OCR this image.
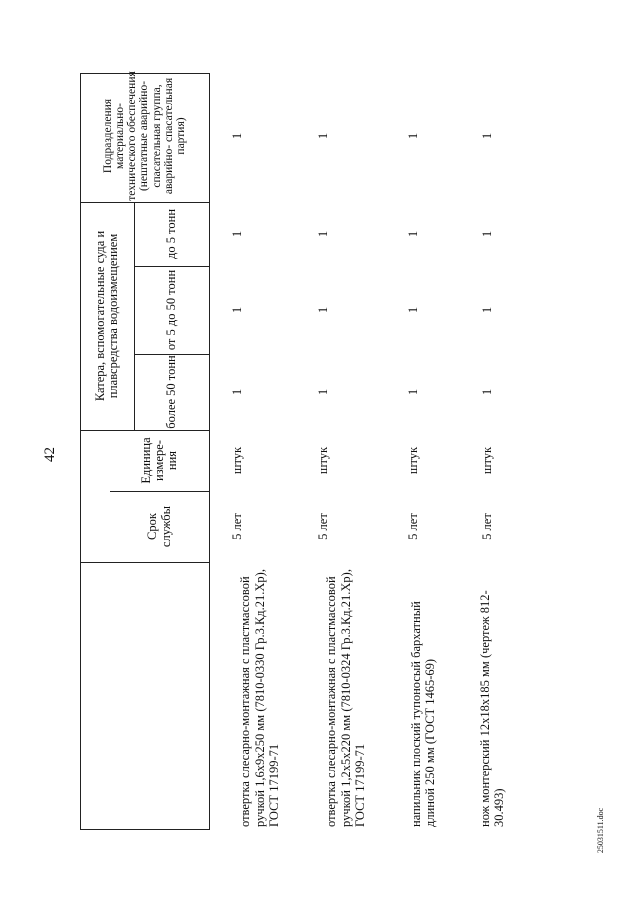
42
Срок службы
Единица измере- ния
Катера, вспомогательные суда и плавсредства водоизмещением	более 50 тонн
от 5 до 50 тонн
до 5 тонн
Подразделения материально- технического обеспечения (нештатные аварийно- спасательная группа, аварийно- спасательная партия)
отвертка слесарно-монтажная с пластмассовой ручкой 1,6х9х250 мм (7810-0330 Гр.3.Кд.21.Хр), ГОСТ 17199-71
5 лет
штук
1
1
1
1
отвертка слесарно-монтажная с пластмассовой ручкой 1,2х5х220 мм (7810-0324 Гр.3.Кд.21.Хр), ГОСТ 17199-71
5 лет
штук
1
1
1
1
напильник плоский тупоносый бархатный длиной 250 мм (ГОСТ 1465-69)
5 лет
штук
1
1
1
1
нож монтерский 12х18х185 мм (чертеж 812-30.493)
5 лет
штук
1
1
1
1
25031511.doc
